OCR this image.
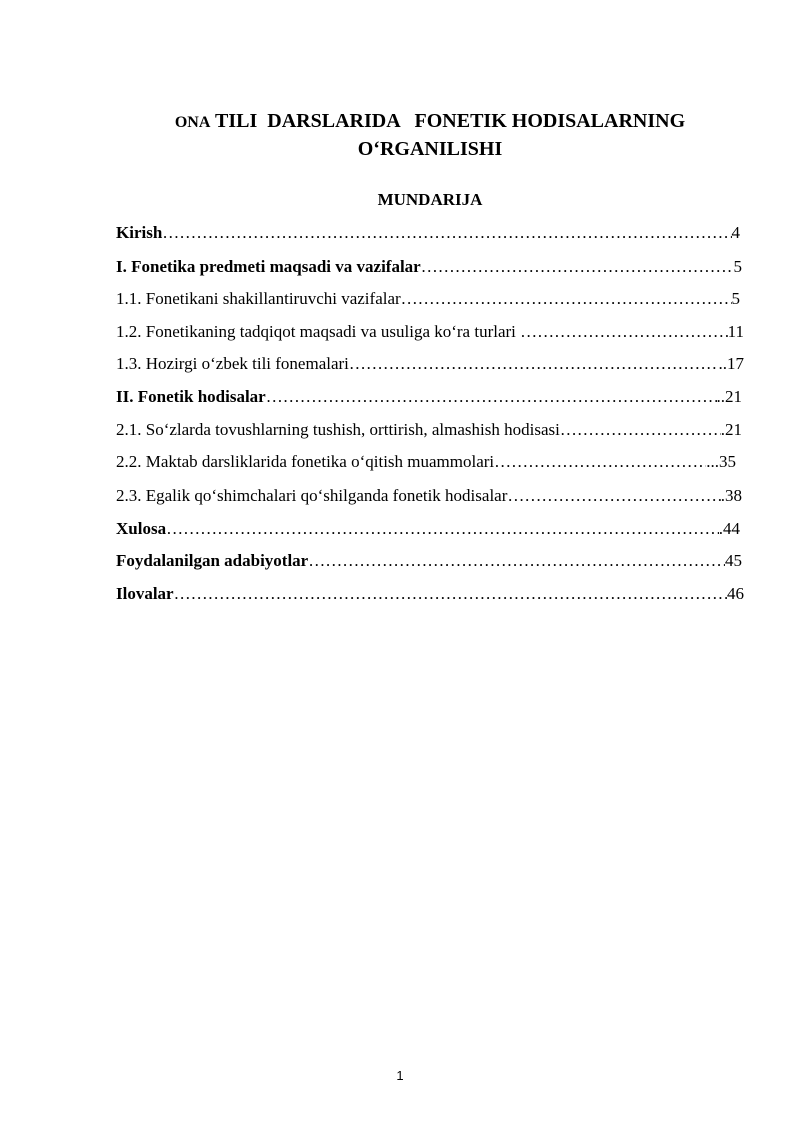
ONA TILI  DARSLARIDA   FONETIK HODISALARNING
O‘RGANILISHI
MUNDARIJA
Kirish ………………………………………………………………………………………………………………………………………………………………………………	4
I. Fonetika predmeti maqsadi va vazifalar ………………………………………………………………………………………………………………………………………………………………………………	5
1.1. Fonetikani shakillantiruvchi vazifalar ………………………………………………………………………………………………………………………………………………………………………………	5
1.2. Fonetikaning tadqiqot maqsadi va usuliga ko‘ra turlari ………………………………………………………………………………………………………………………………………………………………………………	11
1.3. Hozirgi o‘zbek tili fonemalari ………………………………………………………………………………………………………………………………………………………………………………	..17
II. Fonetik hodisalar ………………………………………………………………………………………………………………………………………………………………………………	..21
2.1. So‘zlarda tovushlarning tushish, orttirish, almashish hodisasi ………………………………………………………………………………………………………………………………………………………………………………	.21
2.2. Maktab darsliklarida fonetika o‘qitish muammolari ………………………………………………………………………………………………………………………………………………………………………………	...35
2.3. Egalik qo‘shimchalari qo‘shilganda fonetik hodisalar ………………………………………………………………………………………………………………………………………………………………………………	.38
Xulosa ………………………………………………………………………………………………………………………………………………………………………………	.44
Foydalanilgan adabiyotlar ………………………………………………………………………………………………………………………………………………………………………………	45
Ilovalar ………………………………………………………………………………………………………………………………………………………………………………	46
1
